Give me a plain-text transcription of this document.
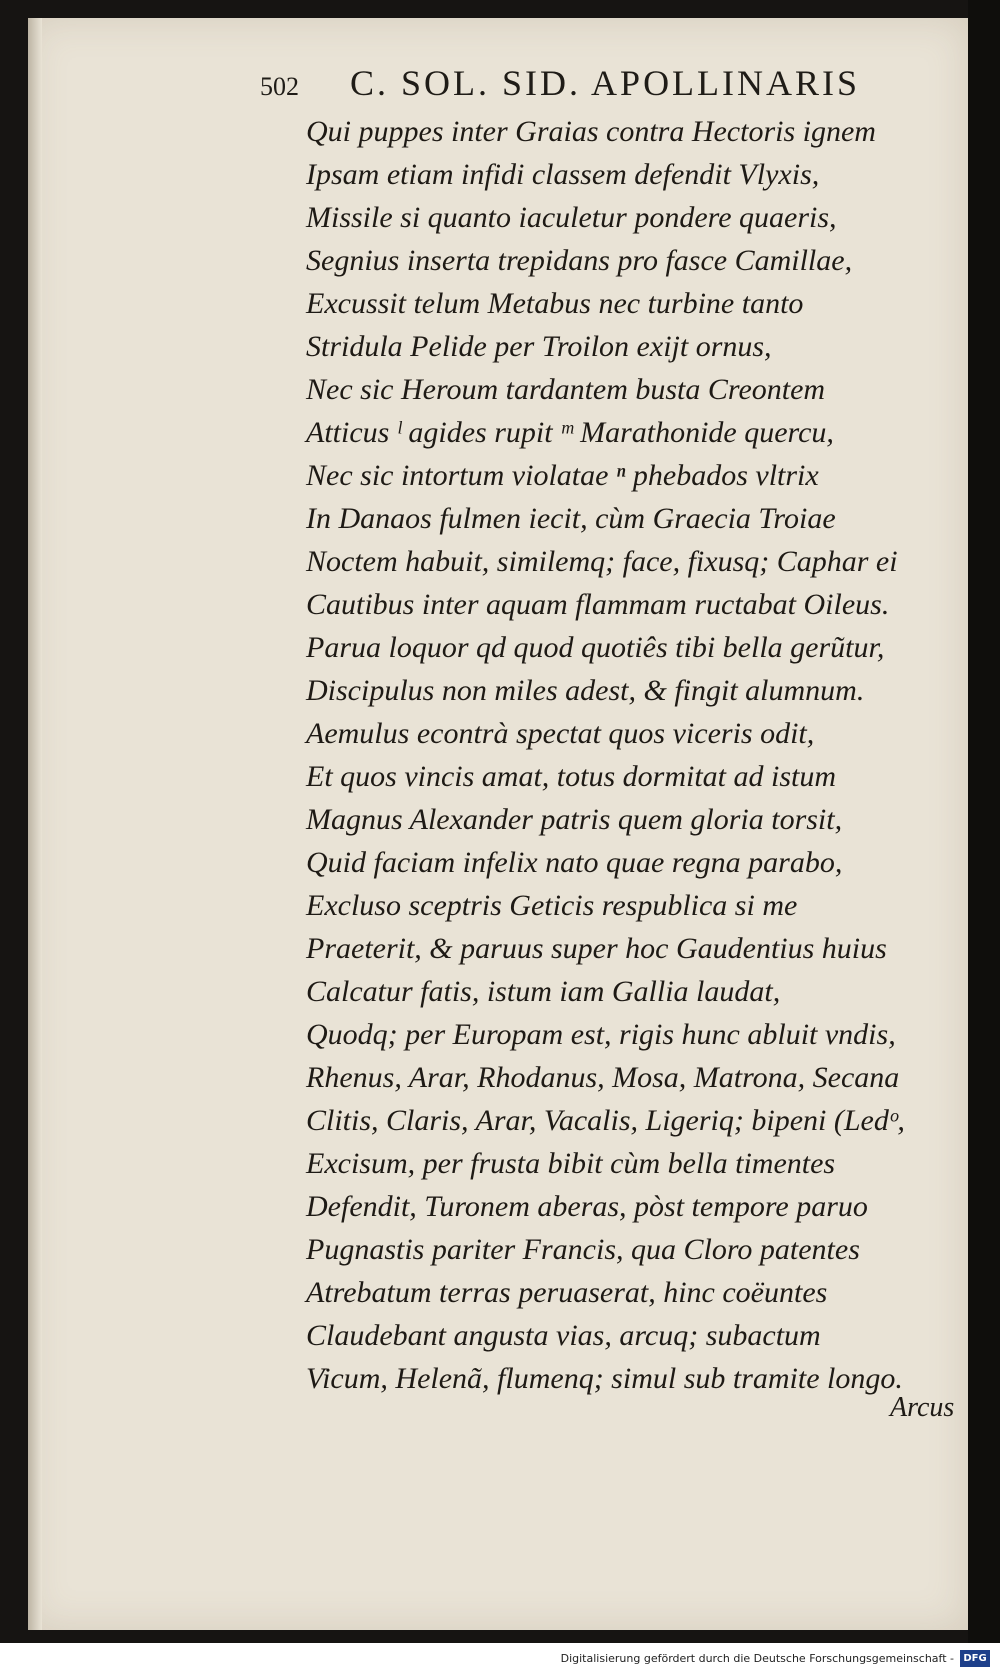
502 C. SOL. SID. APOLLINARIS
Qui puppes inter Graias contra Hectoris ignem
Ipsam etiam infidi classem defendit Vlyxis,
Missile si quanto iaculetur pondere quaeris,
Segnius inserta trepidans pro fasce Camillae,
Excussit telum Metabus nec turbine tanto
Stridula Pelide per Troilon exijt ornus,
Nec sic Heroum tardantem busta Creontem
Atticus ˡ agides rupit ᵐ Marathonide quercu,
Nec sic intortum violatae ⁿ phebados vltrix
In Danaos fulmen iecit, cùm Graecia Troiae
Noctem habuit, similemq; face, fixusq; Caphar ei
Cautibus inter aquam flammam ructabat Oileus.
Parua loquor qd quod quotiês tibi bella gerũtur,
Discipulus non miles adest, & fingit alumnum.
Aemulus econtrà spectat quos viceris odit,
Et quos vincis amat, totus dormitat ad istum
Magnus Alexander patris quem gloria torsit,
Quid faciam infelix nato quae regna parabo,
Excluso sceptris Geticis respublica si me
Praeterit, & paruus super hoc Gaudentius huius
Calcatur fatis, istum iam Gallia laudat,
Quodq; per Europam est, rigis hunc abluit vndis,
Rhenus, Arar, Rhodanus, Mosa, Matrona, Secana
Clitis, Claris, Arar, Vacalis, Ligeriq; bipeni (Ledᵒ,
Excisum, per frusta bibit cùm bella timentes
Defendit, Turonem aberas, pòst tempore paruo
Pugnastis pariter Francis, qua Cloro patentes
Atrebatum terras peruaserat, hinc coëuntes
Claudebant angusta vias, arcuq; subactum
Vicum, Helenã, flumenq; simul sub tramite longo.
Arcus
Digitalisierung gefördert durch die Deutsche Forschungsgemeinschaft - DFG
